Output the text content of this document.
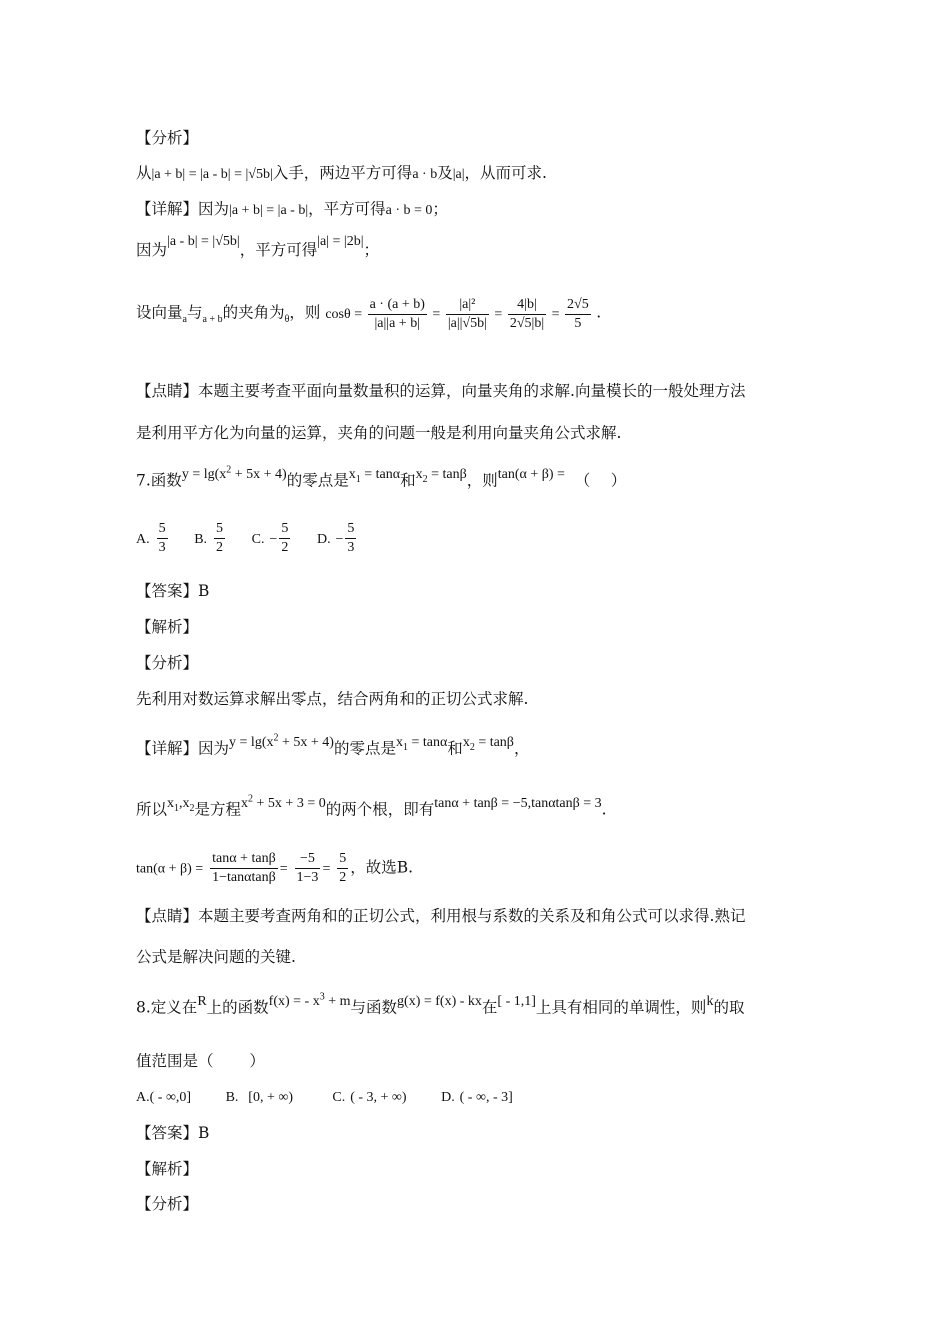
【分析】
从|a + b| = |a - b| = |√5b|入手，两边平方可得a · b及|a|，从而可求.
【详解】因为|a + b| = |a - b|，平方可得a · b = 0；
因为|a - b| = |√5b|，平方可得|a| = |2b|；
设向量$_a$与$_{a + b}$的夹角为$_\theta$，则 $\cos\theta = \frac{a \cdot (a + b)}{|a||a + b|} = \frac{\text{|a|²}}{|a||√5b|} = \frac{4|b|}{2√5|b|} = \frac{2√5}{5}$ .
【点睛】本题主要考查平面向量数量积的运算，向量夹角的求解.向量模长的一般处理方法
是利用平方化为向量的运算，夹角的问题一般是利用向量夹角公式求解.
7.函数$y = \lg(x^2 + 5x + 4)$的零点是$x_1 = \tan\alpha$和$x_2 = \tan\beta$，则tan(α + β) = （　 ）
A. $\frac{5}{3} B$. $\frac{5}{2} C$. − $\frac{5}{2} D$. − $\frac{5}{3}$
【答案】B
【解析】
【分析】
先利用对数运算求解出零点，结合两角和的正切公式求解.
【详解】因为$y = \lg(x^2 + 5x + 4)$的零点是$x_1 = \tan\alpha$和$x_2 = \tan\beta$，
所以$x_1,x_2$是方程$x^2 + 5x + 3 = 0$的两个根，即有tanα + tanβ = −5,tanαtanβ = 3.
$\tan(\alpha + \beta) = \frac{\tan\alpha + \tan\beta}{1-\tan\alpha\tan\beta} = \frac{-5}{1-3} = \frac{5}{2}$ ，故选B.
【点睛】本题主要考查两角和的正切公式，利用根与系数的关系及和角公式可以求得.熟记
公式是解决问题的关键.
8.定义在R上的函数f(x) = - $x^3 + m$与函数g(x) = f(x) - kx在[ - 1,1]上具有相同的单调性，则k的取
值范围是（　　 ）
A.( - ∞,0] B. [0, + ∞)	C. ( - 3, + ∞) D. ( - ∞, - 3]
【答案】B
【解析】
【分析】
